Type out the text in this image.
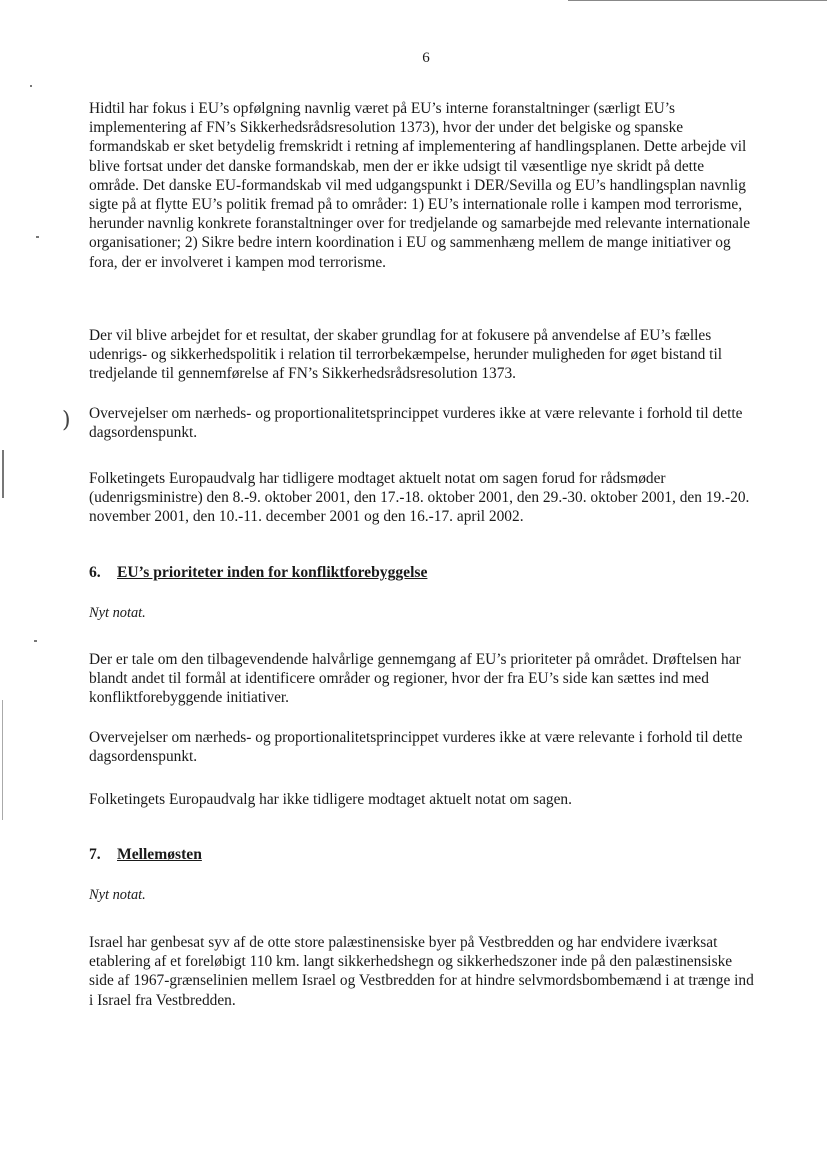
)
6

Hidtil har fokus i EU’s opfølgning navnlig været på EU’s interne foranstaltninger (særligt EU’s implementering af FN’s Sikkerhedsrådsresolution 1373), hvor der under det belgiske og spanske formandskab er sket betydelig fremskridt i retning af implementering af handlingsplanen. Dette arbejde vil blive fortsat under det danske formandskab, men der er ikke udsigt til væsentlige nye skridt på dette område. Det danske EU-formandskab vil med udgangspunkt i DER/Sevilla og EU’s handlingsplan navnlig sigte på at flytte EU’s politik fremad på to områder: 1) EU’s internationale rolle i kampen mod terrorisme, herunder navnlig konkrete foranstaltninger over for tredjelande og samarbejde med relevante internationale organisationer; 2) Sikre bedre intern koordination i EU og sammenhæng mellem de mange initiativer og fora, der er involveret i kampen mod terrorisme.

Der vil blive arbejdet for et resultat, der skaber grundlag for at fokusere på anvendelse af EU’s fælles udenrigs- og sikkerhedspolitik i relation til terrorbekæmpelse, herunder muligheden for øget bistand til tredjelande til gennemførelse af FN’s Sikkerhedsrådsresolution 1373.

Overvejelser om nærheds- og proportionalitetsprincippet vurderes ikke at være relevante i forhold til dette dagsordenspunkt.

Folketingets Europaudvalg har tidligere modtaget aktuelt notat om sagen forud for rådsmøder (udenrigsministre) den 8.-9. oktober 2001, den 17.-18. oktober 2001, den 29.-30. oktober 2001, den 19.-20. november 2001, den 10.-11. december 2001 og den 16.-17. april 2002.

6. EU’s prioriteter inden for konfliktforebyggelse

Nyt notat.

Der er tale om den tilbagevendende halvårlige gennemgang af EU’s prioriteter på området. Drøftelsen har blandt andet til formål at identificere områder og regioner, hvor der fra EU’s side kan sættes ind med konfliktforebyggende initiativer.

Overvejelser om nærheds- og proportionalitetsprincippet vurderes ikke at være relevante i forhold til dette dagsordenspunkt.

Folketingets Europaudvalg har ikke tidligere modtaget aktuelt notat om sagen.

7. Mellemøsten

Nyt notat.

Israel har genbesat syv af de otte store palæstinensiske byer på Vestbredden og har endvidere iværksat etablering af et foreløbigt 110 km. langt sikkerhedshegn og sikkerhedszoner inde på den palæstinensiske side af 1967-grænselinien mellem Israel og Vestbredden for at hindre selvmordsbombemænd i at trænge ind i Israel fra Vestbredden.
